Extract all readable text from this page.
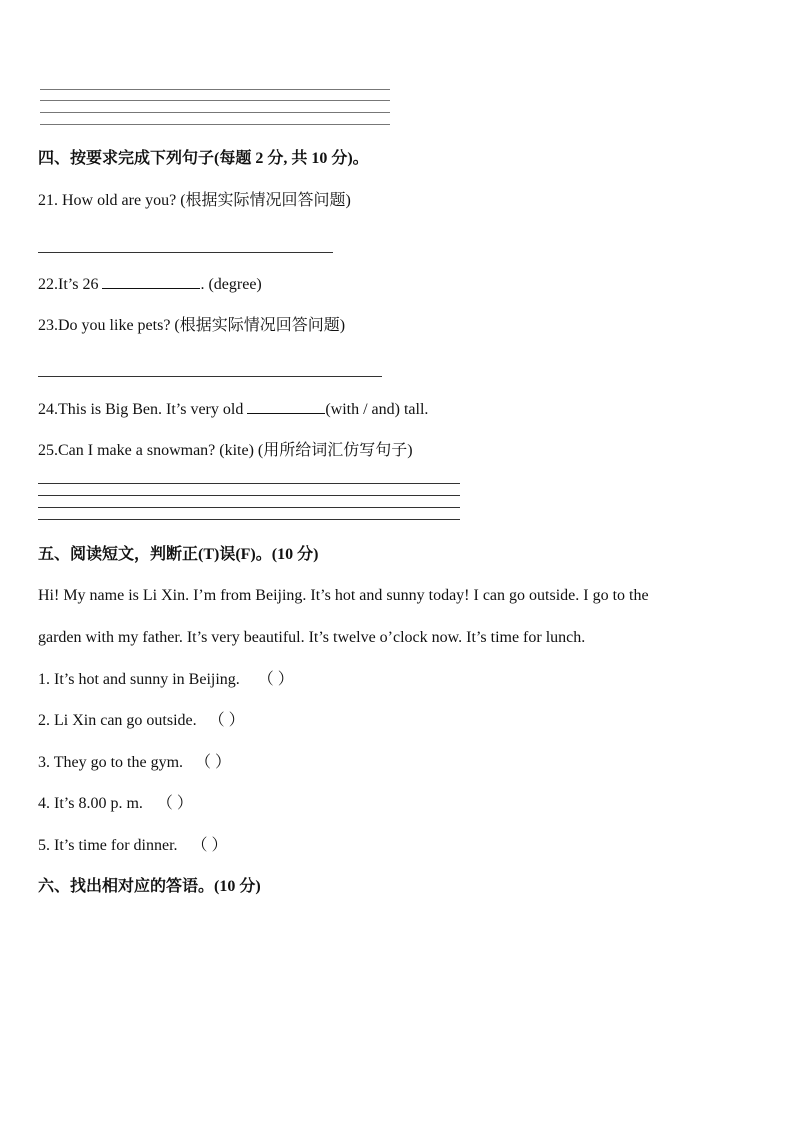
四、按要求完成下列句子(每题 2 分, 共 10 分)。
21. How old are you? (根据实际情况回答问题)
22.It’s 26	. (degree)
23.Do you like pets? (根据实际情况回答问题)
24.This is Big Ben. It’s very old	(with / and) tall.
25.Can I make a snowman? (kite) (用所给词汇仿写句子)
五、阅读短文，判断正(T)误(F)。(10 分)
Hi! My name is Li Xin. I’m from Beijing. It’s hot and sunny today! I can go outside. I go to the
garden with my father. It’s very beautiful. It’s twelve o’clock now. It’s time for lunch.
1. It’s hot and sunny in Beijing. （ ）
2. Li Xin can go outside. （ ）
3. They go to the gym. （ ）
4. It’s 8.00 p. m. （ ）
5. It’s time for dinner. （ ）
六、找出相对应的答语。(10 分)
